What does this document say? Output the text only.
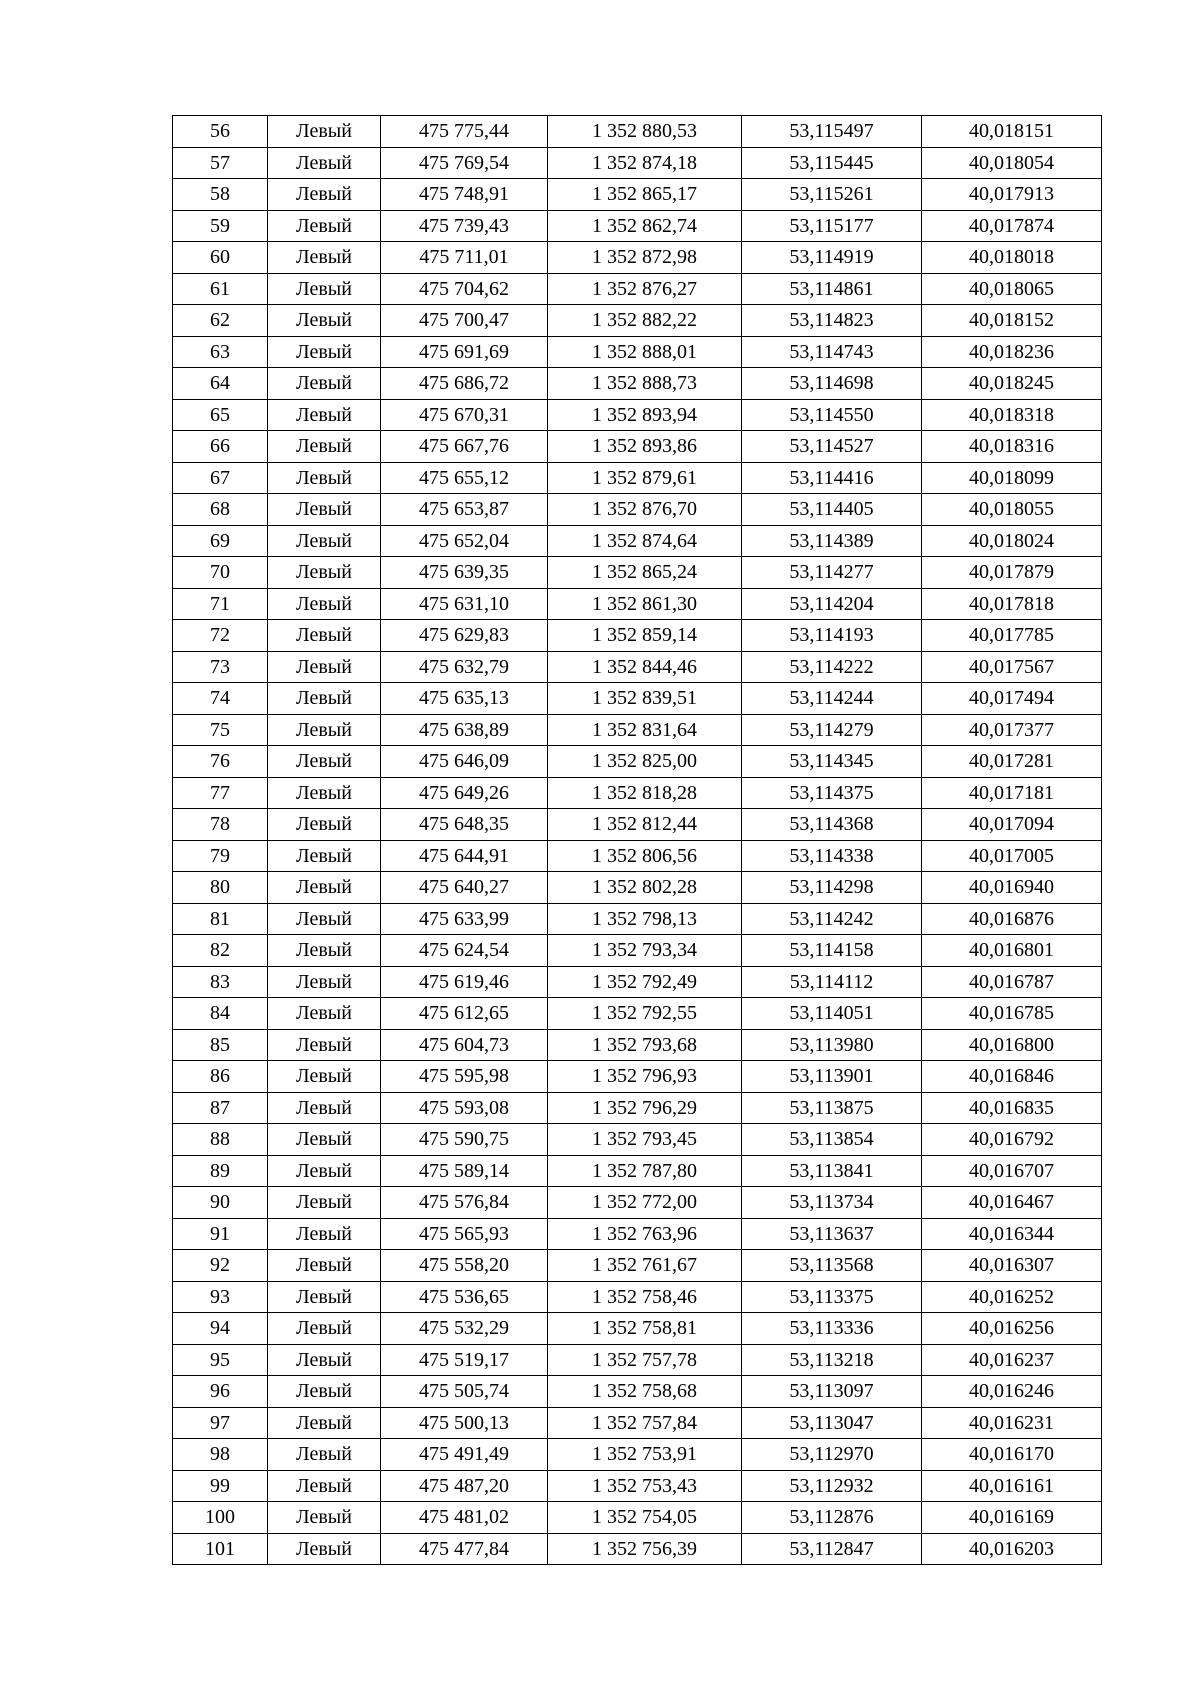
56	Левый	475 775,44	1 352 880,53	53,115497	40,018151
57	Левый	475 769,54	1 352 874,18	53,115445	40,018054
58	Левый	475 748,91	1 352 865,17	53,115261	40,017913
59	Левый	475 739,43	1 352 862,74	53,115177	40,017874
60	Левый	475 711,01	1 352 872,98	53,114919	40,018018
61	Левый	475 704,62	1 352 876,27	53,114861	40,018065
62	Левый	475 700,47	1 352 882,22	53,114823	40,018152
63	Левый	475 691,69	1 352 888,01	53,114743	40,018236
64	Левый	475 686,72	1 352 888,73	53,114698	40,018245
65	Левый	475 670,31	1 352 893,94	53,114550	40,018318
66	Левый	475 667,76	1 352 893,86	53,114527	40,018316
67	Левый	475 655,12	1 352 879,61	53,114416	40,018099
68	Левый	475 653,87	1 352 876,70	53,114405	40,018055
69	Левый	475 652,04	1 352 874,64	53,114389	40,018024
70	Левый	475 639,35	1 352 865,24	53,114277	40,017879
71	Левый	475 631,10	1 352 861,30	53,114204	40,017818
72	Левый	475 629,83	1 352 859,14	53,114193	40,017785
73	Левый	475 632,79	1 352 844,46	53,114222	40,017567
74	Левый	475 635,13	1 352 839,51	53,114244	40,017494
75	Левый	475 638,89	1 352 831,64	53,114279	40,017377
76	Левый	475 646,09	1 352 825,00	53,114345	40,017281
77	Левый	475 649,26	1 352 818,28	53,114375	40,017181
78	Левый	475 648,35	1 352 812,44	53,114368	40,017094
79	Левый	475 644,91	1 352 806,56	53,114338	40,017005
80	Левый	475 640,27	1 352 802,28	53,114298	40,016940
81	Левый	475 633,99	1 352 798,13	53,114242	40,016876
82	Левый	475 624,54	1 352 793,34	53,114158	40,016801
83	Левый	475 619,46	1 352 792,49	53,114112	40,016787
84	Левый	475 612,65	1 352 792,55	53,114051	40,016785
85	Левый	475 604,73	1 352 793,68	53,113980	40,016800
86	Левый	475 595,98	1 352 796,93	53,113901	40,016846
87	Левый	475 593,08	1 352 796,29	53,113875	40,016835
88	Левый	475 590,75	1 352 793,45	53,113854	40,016792
89	Левый	475 589,14	1 352 787,80	53,113841	40,016707
90	Левый	475 576,84	1 352 772,00	53,113734	40,016467
91	Левый	475 565,93	1 352 763,96	53,113637	40,016344
92	Левый	475 558,20	1 352 761,67	53,113568	40,016307
93	Левый	475 536,65	1 352 758,46	53,113375	40,016252
94	Левый	475 532,29	1 352 758,81	53,113336	40,016256
95	Левый	475 519,17	1 352 757,78	53,113218	40,016237
96	Левый	475 505,74	1 352 758,68	53,113097	40,016246
97	Левый	475 500,13	1 352 757,84	53,113047	40,016231
98	Левый	475 491,49	1 352 753,91	53,112970	40,016170
99	Левый	475 487,20	1 352 753,43	53,112932	40,016161
100	Левый	475 481,02	1 352 754,05	53,112876	40,016169
101	Левый	475 477,84	1 352 756,39	53,112847	40,016203
